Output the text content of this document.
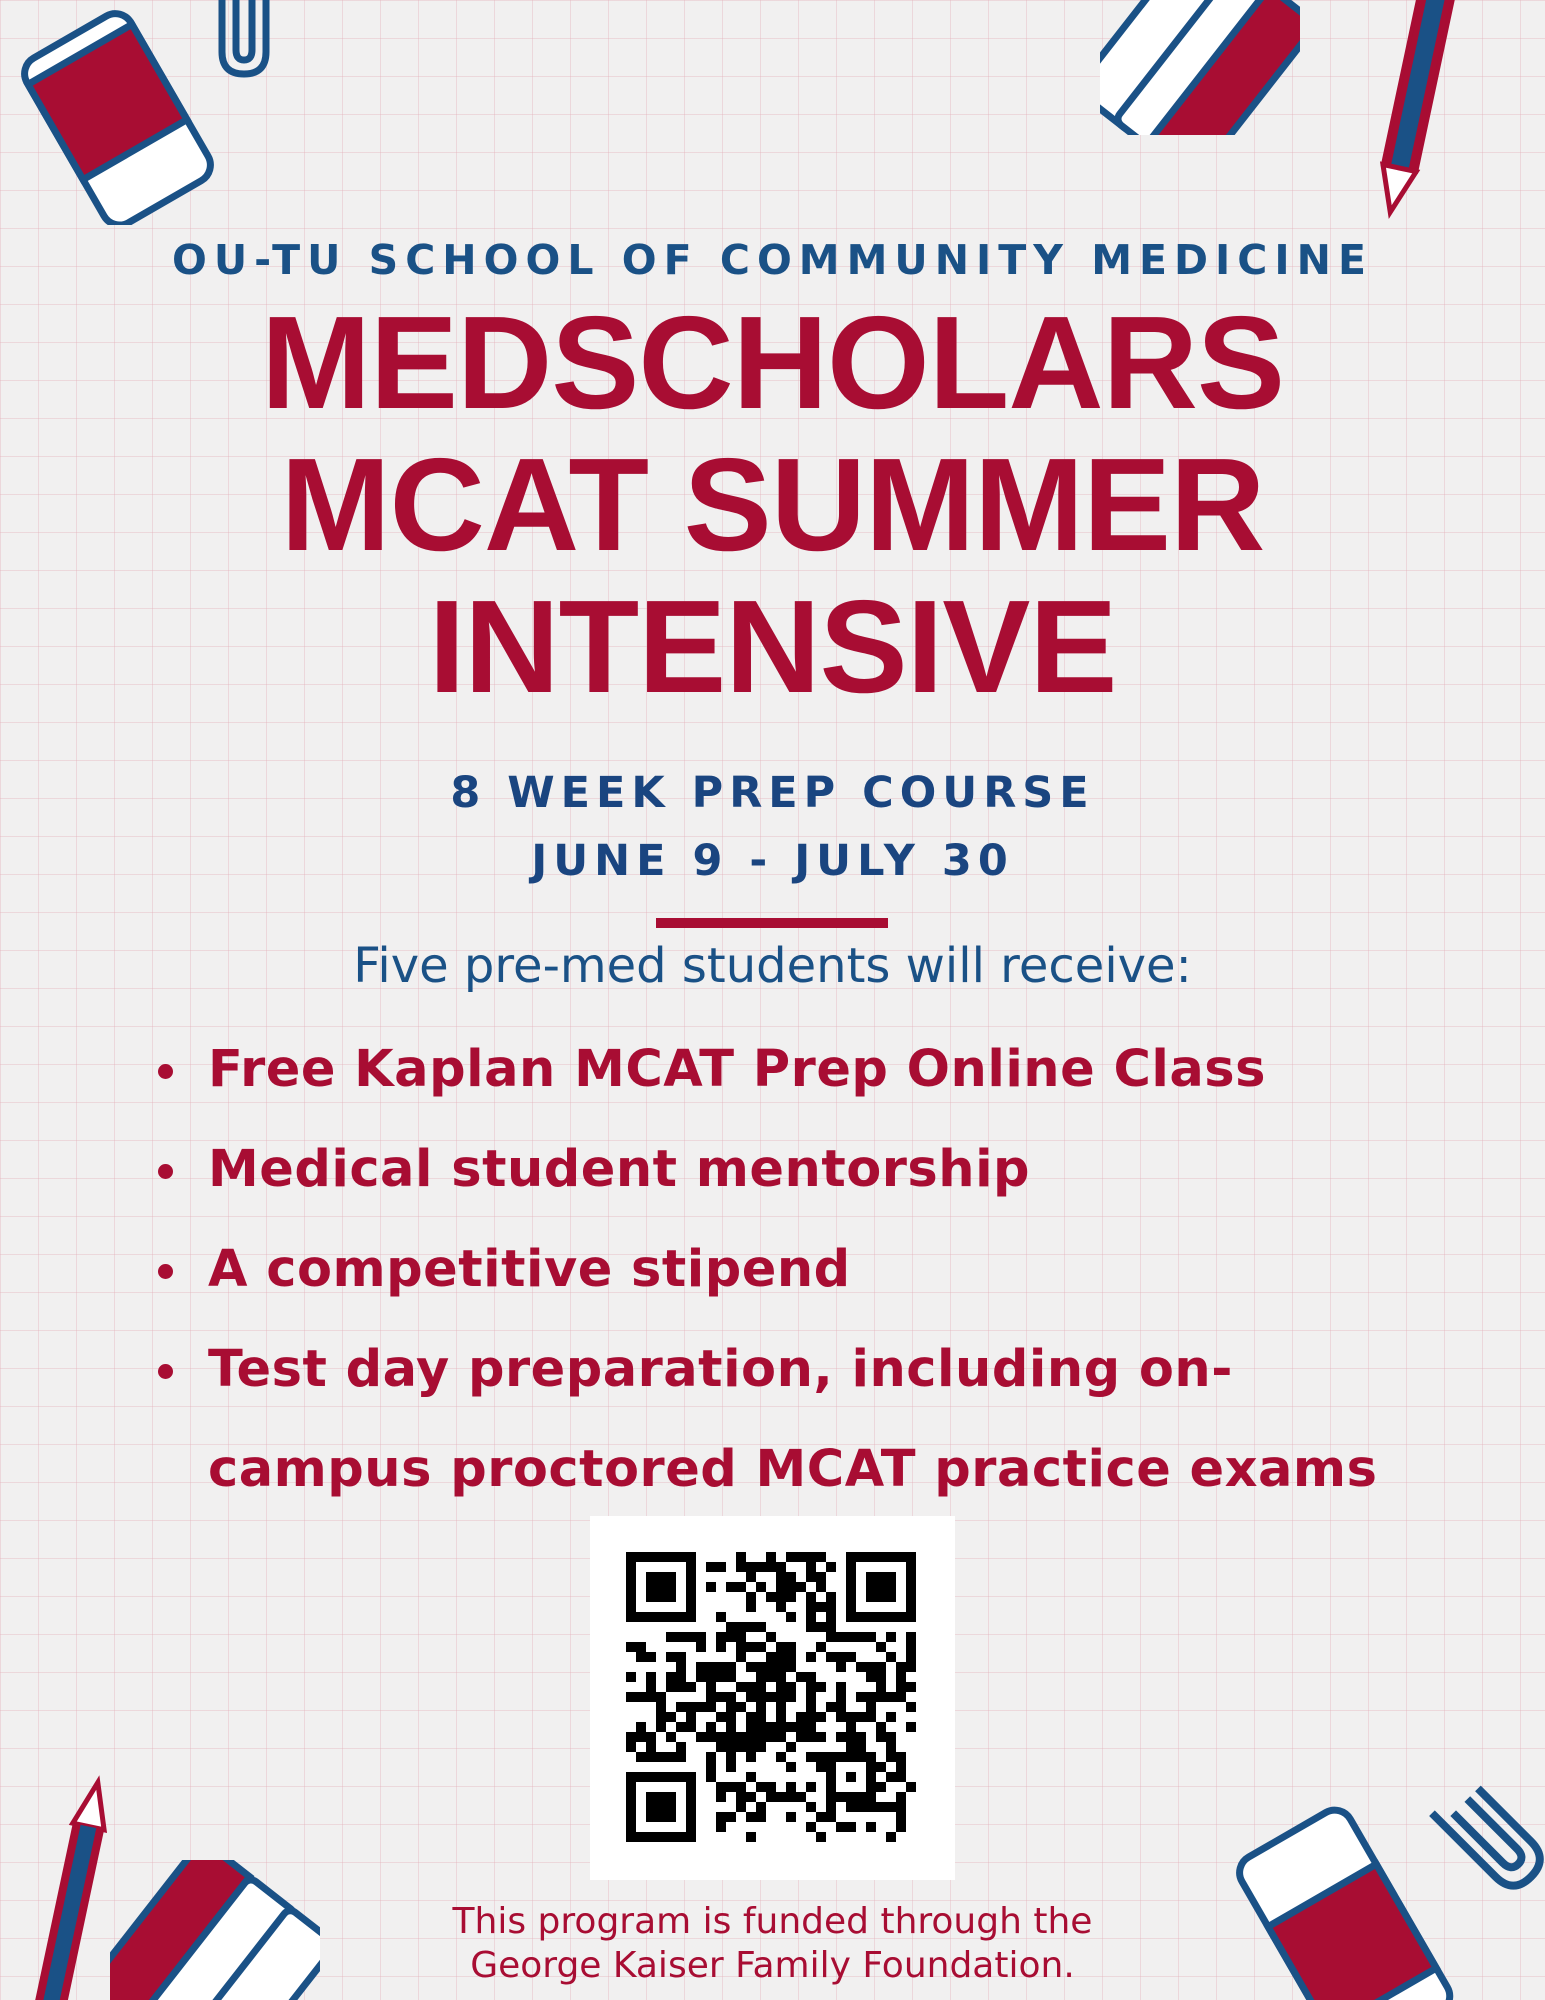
OU-TU SCHOOL OF COMMUNITY MEDICINE
MEDSCHOLARS
MCAT SUMMER
INTENSIVE
8 WEEK PREP COURSE
JUNE 9 - JULY 30
Five pre-med students will receive:
Free Kaplan MCAT Prep Online Class
Medical student mentorship
A competitive stipend
Test day preparation, including on-
campus proctored MCAT practice exams
This program is funded through the
George Kaiser Family Foundation.
